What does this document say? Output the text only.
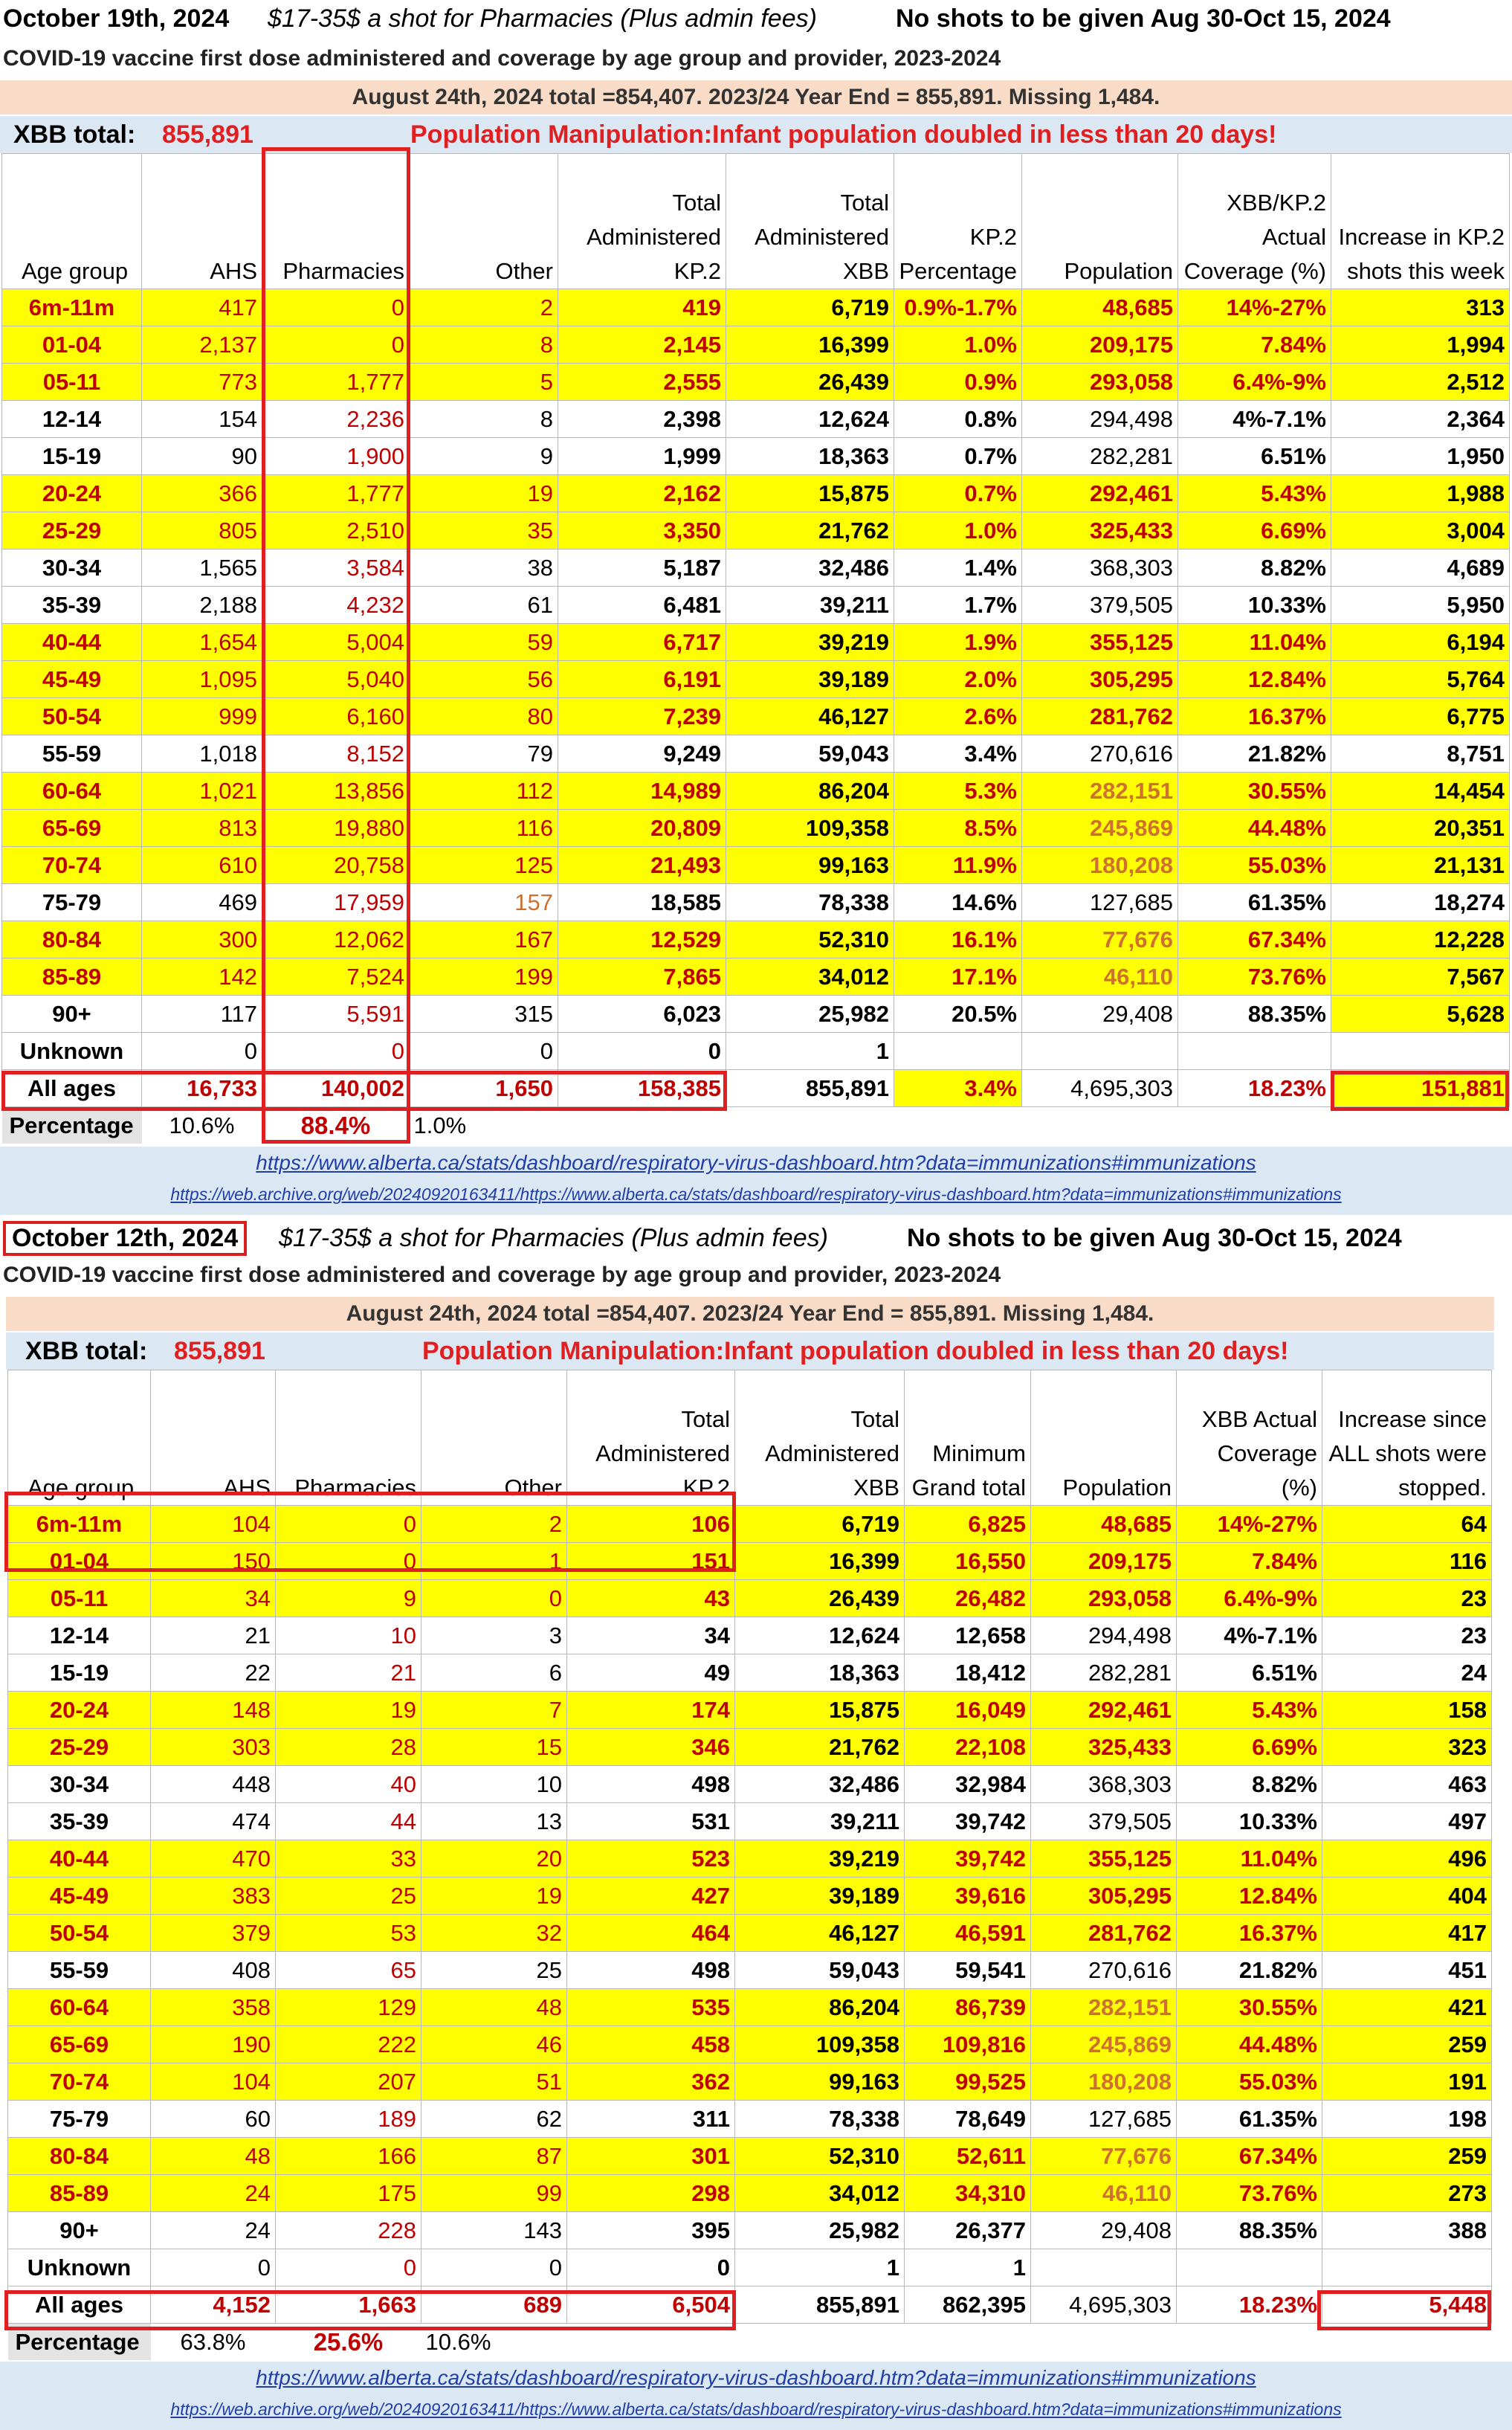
October 19th, 2024 $17-35$ a shot for Pharmacies (Plus admin fees)	No shots to be given Aug 30-Oct 15, 2024
COVID-19 vaccine first dose administered and coverage by age group and provider, 2023-2024
August 24th, 2024 total =854,407. 2023/24 Year End = 855,891. Missing 1,484.
XBB total: 855,891	Population Manipulation:Infant population doubled in less than 20 days!
Age group	AHS	Pharmacies	Other	Total Administered KP.2	Total Administered XBB	KP.2 Percentage	Population	XBB/KP.2 Actual Coverage (%)	Increase in KP.2 shots this week
6m-11m	417	0	2	419	6,719	0.9%-1.7%	48,685	14%-27%	313
01-04	2,137	0	8	2,145	16,399	1.0%	209,175	7.84%	1,994
05-11	773	1,777	5	2,555	26,439	0.9%	293,058	6.4%-9%	2,512
12-14	154	2,236	8	2,398	12,624	0.8%	294,498	4%-7.1%	2,364
15-19	90	1,900	9	1,999	18,363	0.7%	282,281	6.51%	1,950
20-24	366	1,777	19	2,162	15,875	0.7%	292,461	5.43%	1,988
25-29	805	2,510	35	3,350	21,762	1.0%	325,433	6.69%	3,004
30-34	1,565	3,584	38	5,187	32,486	1.4%	368,303	8.82%	4,689
35-39	2,188	4,232	61	6,481	39,211	1.7%	379,505	10.33%	5,950
40-44	1,654	5,004	59	6,717	39,219	1.9%	355,125	11.04%	6,194
45-49	1,095	5,040	56	6,191	39,189	2.0%	305,295	12.84%	5,764
50-54	999	6,160	80	7,239	46,127	2.6%	281,762	16.37%	6,775
55-59	1,018	8,152	79	9,249	59,043	3.4%	270,616	21.82%	8,751
60-64	1,021	13,856	112	14,989	86,204	5.3%	282,151	30.55%	14,454
65-69	813	19,880	116	20,809	109,358	8.5%	245,869	44.48%	20,351
70-74	610	20,758	125	21,493	99,163	11.9%	180,208	55.03%	21,131
75-79	469	17,959	157	18,585	78,338	14.6%	127,685	61.35%	18,274
80-84	300	12,062	167	12,529	52,310	16.1%	77,676	67.34%	12,228
85-89	142	7,524	199	7,865	34,012	17.1%	46,110	73.76%	7,567
90+	117	5,591	315	6,023	25,982	20.5%	29,408	88.35%	5,628
Unknown	0	0	0	0	1				
All ages	16,733	140,002	1,650	158,385	855,891	3.4%	4,695,303	18.23%	151,881
Percentage	10.6%	88.4%	1.0%						
https://www.alberta.ca/stats/dashboard/respiratory-virus-dashboard.htm?data=immunizations#immunizations
https://web.archive.org/web/20240920163411/https://www.alberta.ca/stats/dashboard/respiratory-virus-dashboard.htm?data=immunizations#immunizations
October 12th, 2024	$17-35$ a shot for Pharmacies (Plus admin fees)	No shots to be given Aug 30-Oct 15, 2024
COVID-19 vaccine first dose administered and coverage by age group and provider, 2023-2024
August 24th, 2024 total =854,407. 2023/24 Year End = 855,891. Missing 1,484.
XBB total: 855,891	Population Manipulation:Infant population doubled in less than 20 days!
Age group	AHS	Pharmacies	Other	Total Administered KP.2	Total Administered XBB	Minimum Grand total	Population	XBB Actual Coverage (%)	Increase since ALL shots were stopped.
6m-11m	104	0	2	106	6,719	6,825	48,685	14%-27%	64
01-04	150	0	1	151	16,399	16,550	209,175	7.84%	116
05-11	34	9	0	43	26,439	26,482	293,058	6.4%-9%	23
12-14	21	10	3	34	12,624	12,658	294,498	4%-7.1%	23
15-19	22	21	6	49	18,363	18,412	282,281	6.51%	24
20-24	148	19	7	174	15,875	16,049	292,461	5.43%	158
25-29	303	28	15	346	21,762	22,108	325,433	6.69%	323
30-34	448	40	10	498	32,486	32,984	368,303	8.82%	463
35-39	474	44	13	531	39,211	39,742	379,505	10.33%	497
40-44	470	33	20	523	39,219	39,742	355,125	11.04%	496
45-49	383	25	19	427	39,189	39,616	305,295	12.84%	404
50-54	379	53	32	464	46,127	46,591	281,762	16.37%	417
55-59	408	65	25	498	59,043	59,541	270,616	21.82%	451
60-64	358	129	48	535	86,204	86,739	282,151	30.55%	421
65-69	190	222	46	458	109,358	109,816	245,869	44.48%	259
70-74	104	207	51	362	99,163	99,525	180,208	55.03%	191
75-79	60	189	62	311	78,338	78,649	127,685	61.35%	198
80-84	48	166	87	301	52,310	52,611	77,676	67.34%	259
85-89	24	175	99	298	34,012	34,310	46,110	73.76%	273
90+	24	228	143	395	25,982	26,377	29,408	88.35%	388
Unknown	0	0	0	0	1	1			
All ages	4,152	1,663	689	6,504	855,891	862,395	4,695,303	18.23%	5,448
Percentage	63.8%	25.6%	10.6%						
https://www.alberta.ca/stats/dashboard/respiratory-virus-dashboard.htm?data=immunizations#immunizations
https://web.archive.org/web/20240920163411/https://www.alberta.ca/stats/dashboard/respiratory-virus-dashboard.htm?data=immunizations#immunizations
